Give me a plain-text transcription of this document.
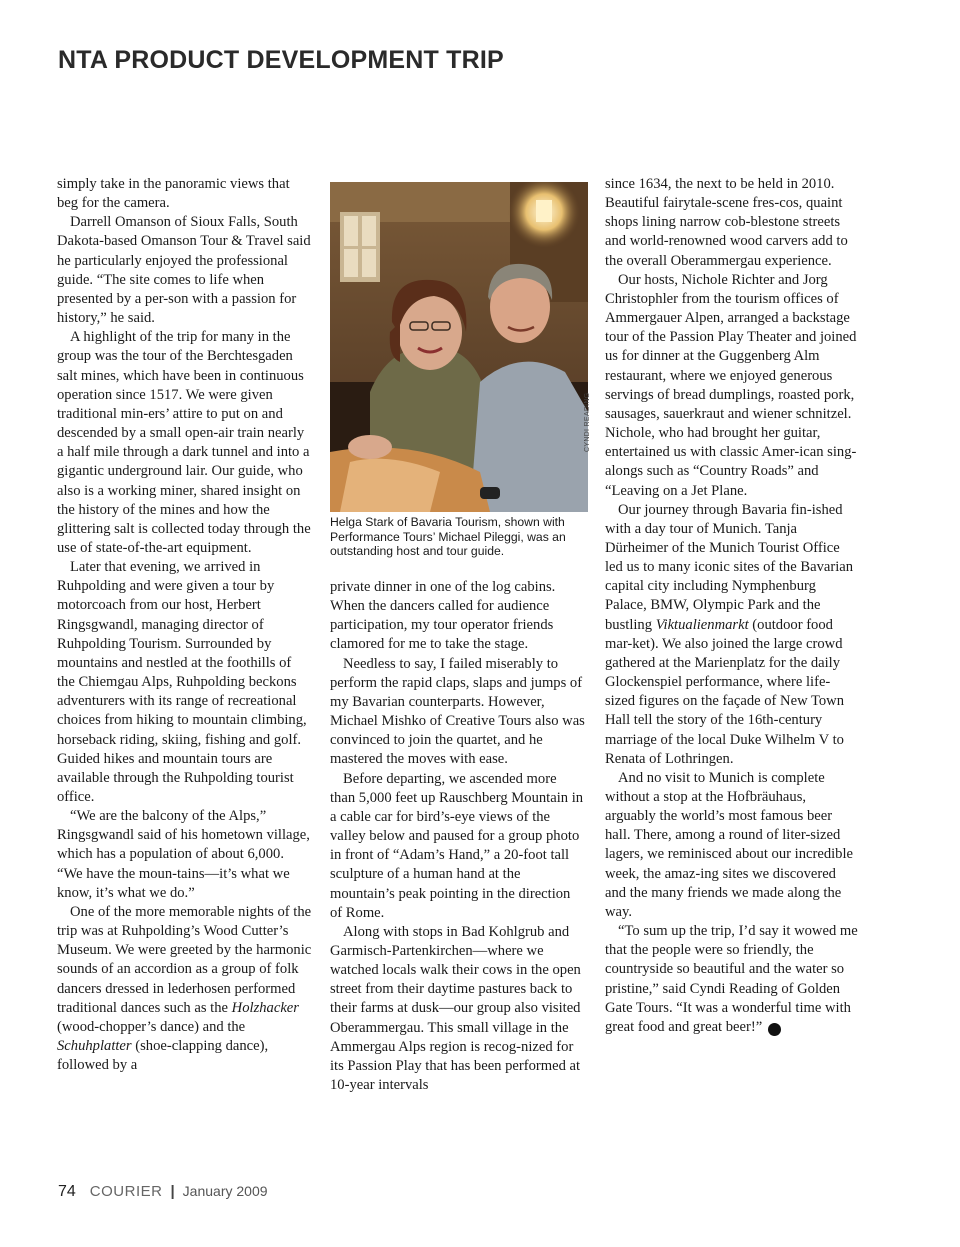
NTA PRODUCT DEVELOPMENT TRIP

simply take in the panoramic views that beg for the camera.

Darrell Omanson of Sioux Falls, South Dakota-based Omanson Tour & Travel said he particularly enjoyed the professional guide. “The site comes to life when presented by a per-son with a passion for history,” he said.

A highlight of the trip for many in the group was the tour of the Berchtesgaden salt mines, which have been in continuous operation since 1517. We were given traditional min-ers’ attire to put on and descended by a small open-air train nearly a half mile through a dark tunnel and into a gigantic underground lair. Our guide, who also is a working miner, shared insight on the history of the mines and how the glittering salt is collected today through the use of state-of-the-art equipment.

Later that evening, we arrived in Ruhpolding and were given a tour by motorcoach from our host, Herbert Ringsgwandl, managing director of Ruhpolding Tourism. Surrounded by mountains and nestled at the foothills of the Chiemgau Alps, Ruhpolding beckons adventurers with its range of recreational choices from hiking to mountain climbing, horseback riding, skiing, fishing and golf. Guided hikes and mountain tours are available through the Ruhpolding tourist office.

“We are the balcony of the Alps,” Ringsgwandl said of his hometown village, which has a population of about 6,000. “We have the moun-tains—it’s what we know, it’s what we do.”

One of the more memorable nights of the trip was at Ruhpolding’s Wood Cutter’s Museum. We were greeted by the harmonic sounds of an accordion as a group of folk dancers dressed in lederhosen performed traditional dances such as the Holzhacker (wood-chopper’s dance) and the Schuhplatter (shoe-clapping dance), followed by a

CYNDI READING
Helga Stark of Bavaria Tourism, shown with Performance Tours’ Michael Pileggi, was an outstanding host and tour guide.

private dinner in one of the log cabins. When the dancers called for audience participation, my tour operator friends clamored for me to take the stage.

Needless to say, I failed miserably to perform the rapid claps, slaps and jumps of my Bavarian counterparts. However, Michael Mishko of Creative Tours also was convinced to join the quartet, and he mastered the moves with ease.

Before departing, we ascended more than 5,000 feet up Rauschberg Mountain in a cable car for bird’s-eye views of the valley below and paused for a group photo in front of “Adam’s Hand,” a 20-foot tall sculpture of a human hand at the mountain’s peak pointing in the direction of Rome.

Along with stops in Bad Kohlgrub and Garmisch-Partenkirchen—where we watched locals walk their cows in the open street from their daytime pastures back to their farms at dusk—our group also visited Oberammergau. This small village in the Ammergau Alps region is recog-nized for its Passion Play that has been performed at 10-year intervals

since 1634, the next to be held in 2010. Beautiful fairytale-scene fres-cos, quaint shops lining narrow cob-blestone streets and world-renowned wood carvers add to the overall Oberammergau experience.

Our hosts, Nichole Richter and Jorg Christophler from the tourism offices of Ammergauer Alpen, arranged a backstage tour of the Passion Play Theater and joined us for dinner at the Guggenberg Alm restaurant, where we enjoyed generous servings of bread dumplings, roasted pork, sausages, sauerkraut and wiener schnitzel. Nichole, who had brought her guitar, entertained us with classic Amer-ican sing-alongs such as “Country Roads” and “Leaving on a Jet Plane.

Our journey through Bavaria fin-ished with a day tour of Munich. Tanja Dürheimer of the Munich Tourist Office led us to many iconic sites of the Bavarian capital city including Nymphenburg Palace, BMW, Olympic Park and the bustling Viktualienmarkt (outdoor food mar-ket). We also joined the large crowd gathered at the Marienplatz for the daily Glockenspiel performance, where life-sized figures on the façade of New Town Hall tell the story of the 16th-century marriage of the local Duke Wilhelm V to Renata of Lothringen.

And no visit to Munich is complete without a stop at the Hofbräuhaus, arguably the world’s most famous beer hall. There, among a round of liter-sized lagers, we reminisced about our incredible week, the amaz-ing sites we discovered and the many friends we made along the way.

“To sum up the trip, I’d say it wowed me that the people were so friendly, the countryside so beautiful and the water so pristine,” said Cyndi Reading of Golden Gate Tours. “It was a wonderful time with great food and great beer!” C

74 COURIER | January 2009
